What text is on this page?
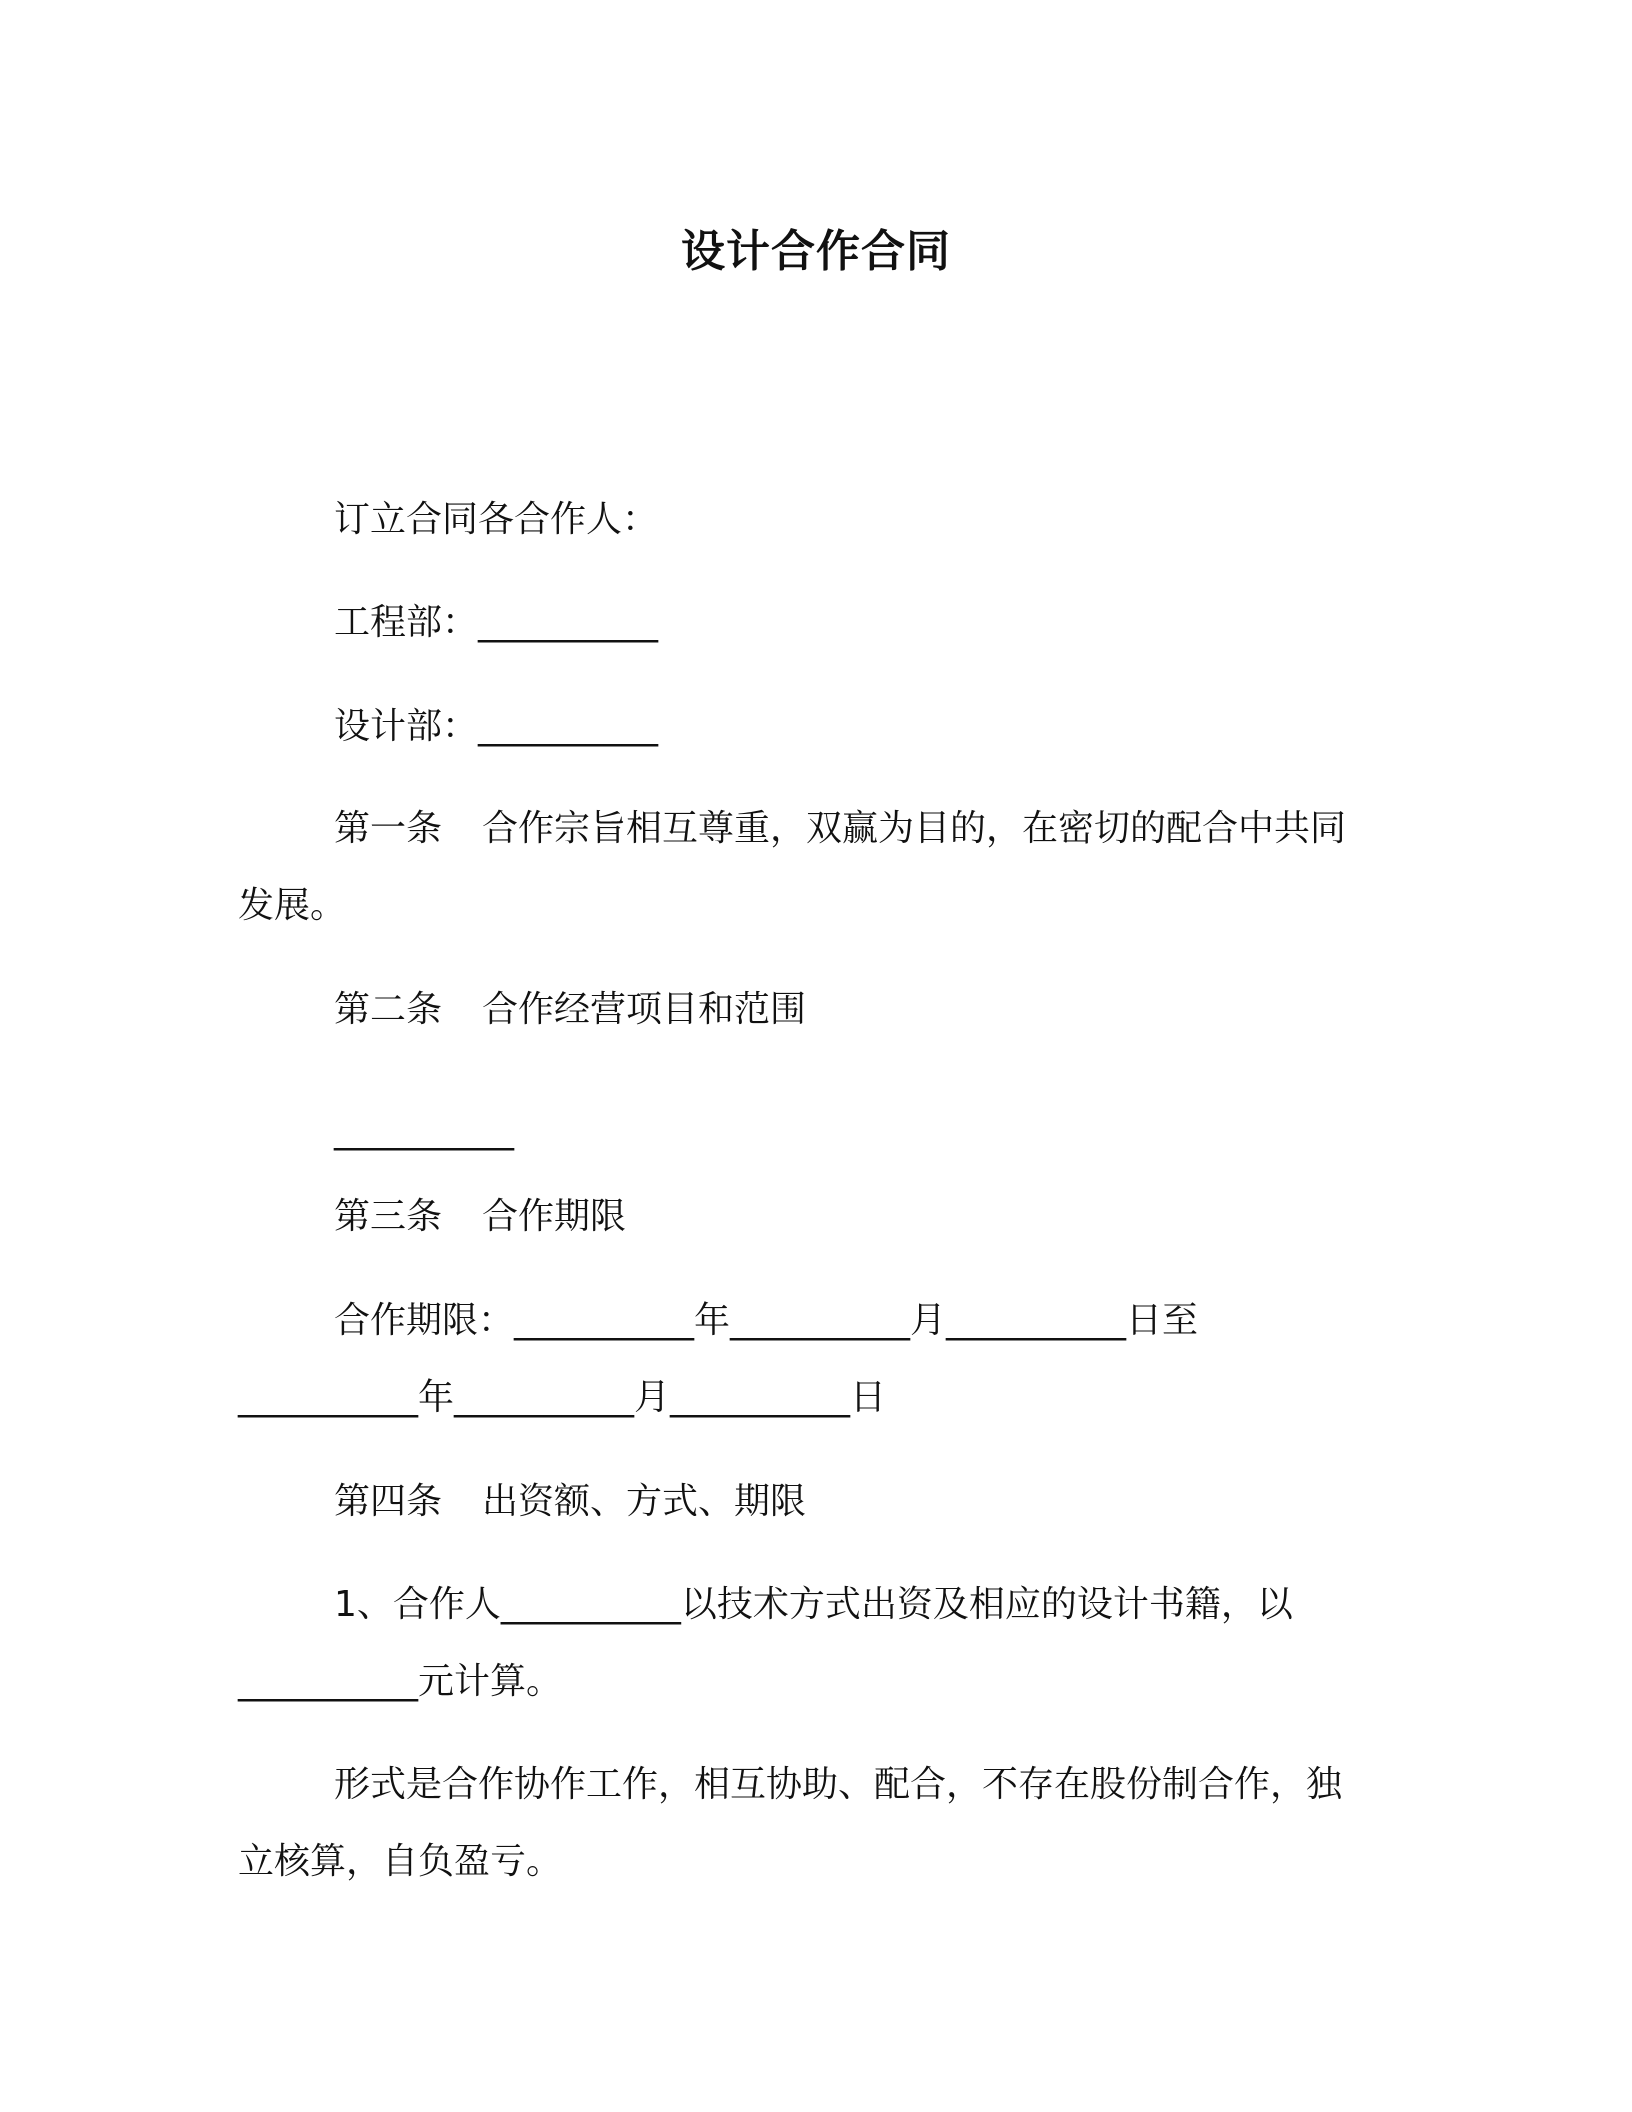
设计合作合同
订立合同各合作人：
工程部：__________
设计部：__________
第一条 合作宗旨相互尊重，双赢为目的，在密切的配合中共同
发展。
第二条 合作经营项目和范围
__________
第三条 合作期限
合作期限：__________年__________月__________日至
__________年__________月__________日
第四条 出资额、方式、期限
1、合作人__________以技术方式出资及相应的设计书籍，以
__________元计算。
形式是合作协作工作，相互协助、配合，不存在股份制合作，独
立核算，自负盈亏。
